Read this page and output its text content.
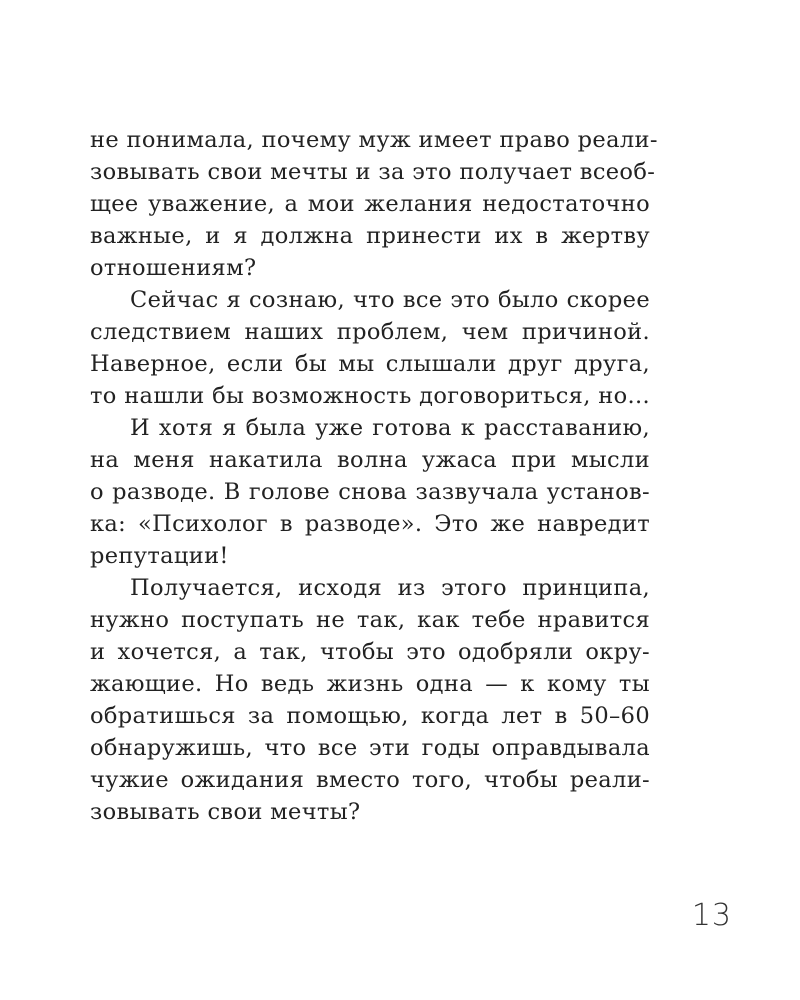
не понимала, почему муж имеет право реали-
зовывать свои мечты и за это получает всеоб-
щее уважение, а мои желания недостаточно
важные, и я должна принести их в жертву
отношениям?
Сейчас я сознаю, что все это было скорее
следствием наших проблем, чем причиной.
Наверное, если бы мы слышали друг друга,
то нашли бы возможность договориться, но...
И хотя я была уже готова к расставанию,
на меня накатила волна ужаса при мысли
о разводе. В голове снова зазвучала установ-
ка: «Психолог в разводе». Это же навредит
репутации!
Получается, исходя из этого принципа,
нужно поступать не так, как тебе нравится
и хочется, а так, чтобы это одобряли окру-
жающие. Но ведь жизнь одна — к кому ты
обратишься за помощью, когда лет в 50–60
обнаружишь, что все эти годы оправдывала
чужие ожидания вместо того, чтобы реали-
зовывать свои мечты?
13
